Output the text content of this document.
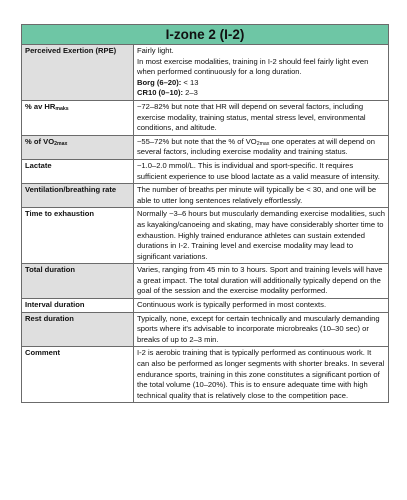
I-zone 2 (I-2)	
Perceived Exertion (RPE)	Fairly light.
In most exercise modalities, training in I-2 should feel fairly light even when performed continuously for a long duration.
Borg (6–20): < 13
CR10 (0–10): 2–3

% av $HR_{maks}$	~72–82% but note that HR will depend on several factors, including exercise modality, training status, mental stress level, environmental conditions, and altitude.
% of $VO_{2max}$	~55–72% but note that the % of $VO_{2max}$ one operates at will depend on several factors, including exercise modality and training status.
Lactate	~1.0–2.0 mmol/L. This is individual and sport-specific. It requires sufficient experience to use blood lactate as a valid measure of intensity.
Ventilation/breathing rate	The number of breaths per minute will typically be < 30, and one will be able to utter long sentences relatively effortlessly.
Time to exhaustion	Normally ~3–6 hours but muscularly demanding exercise modalities, such as kayaking/canoeing and skating, may have considerably shorter time to exhaustion. Highly trained endurance athletes can sustain extended durations in I-2. Training level and exercise modality may lead to significant variations.
Total duration	Varies, ranging from 45 min to 3 hours. Sport and training levels will have a great impact. The total duration will additionally typically depend on the goal of the session and the exercise modality performed.
Interval duration	Continuous work is typically performed in most contexts.
Rest duration	Typically, none, except for certain technically and muscularly demanding sports where it's advisable to incorporate microbreaks (10–30 sec) or breaks of up to 2–3 min.
Comment	I-2 is aerobic training that is typically performed as continuous work. It can also be performed as longer segments with shorter breaks. In several endurance sports, training in this zone constitutes a significant portion of the total volume (10–20%). This is to ensure adequate time with high technical quality that is relatively close to the competition pace.
